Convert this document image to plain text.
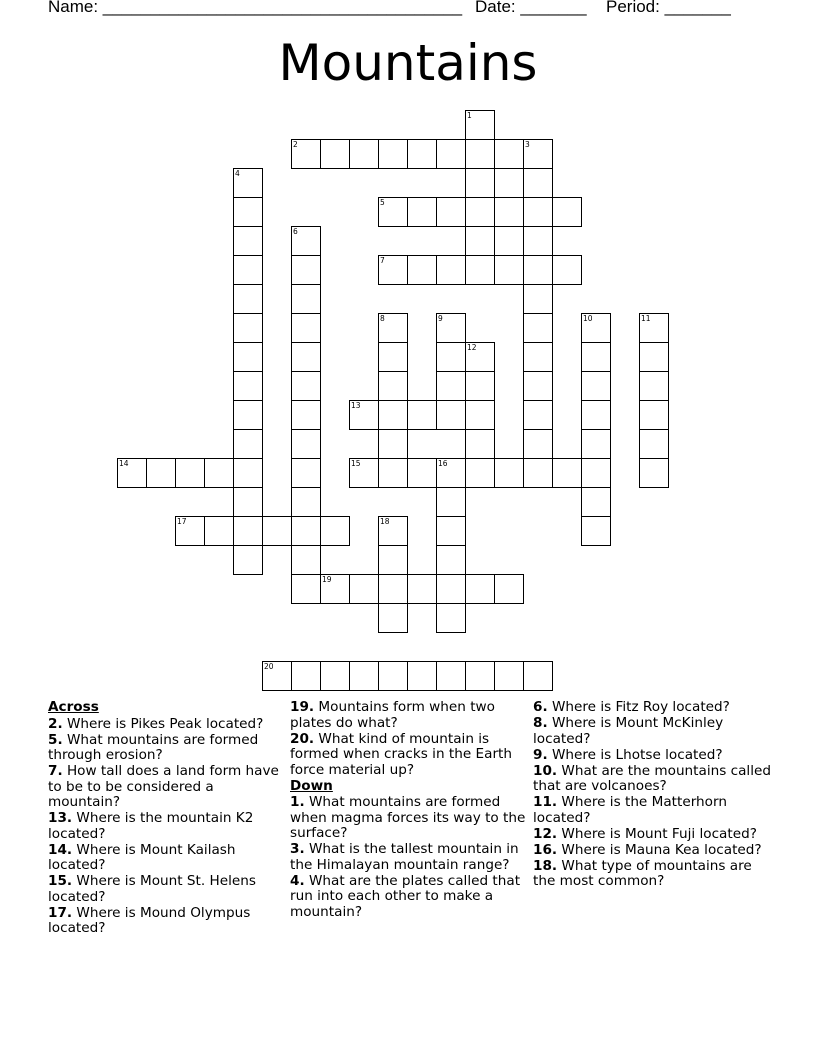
Name: ______________________________________ Date: _______ Period: _______
Mountains
1
2	3
4
5
6
7
8	9	10	11
12
13
14	15	16
17	18
19
20
Across
2. Where is Pikes Peak located?
5. What mountains are formed through erosion?
7. How tall does a land form have to be to be considered a mountain?
13. Where is the mountain K2 located?
14. Where is Mount Kailash located?
15. Where is Mount St. Helens located?
17. Where is Mound Olympus located?
19. Mountains form when two plates do what?
20. What kind of mountain is formed when cracks in the Earth force material up?
Down
1. What mountains are formed when magma forces its way to the surface?
3. What is the tallest mountain in the Himalayan mountain range?
4. What are the plates called that run into each other to make a mountain?
6. Where is Fitz Roy located?
8. Where is Mount McKinley located?
9. Where is Lhotse located?
10. What are the mountains called that are volcanoes?
11. Where is the Matterhorn located?
12. Where is Mount Fuji located?
16. Where is Mauna Kea located?
18. What type of mountains are the most common?
